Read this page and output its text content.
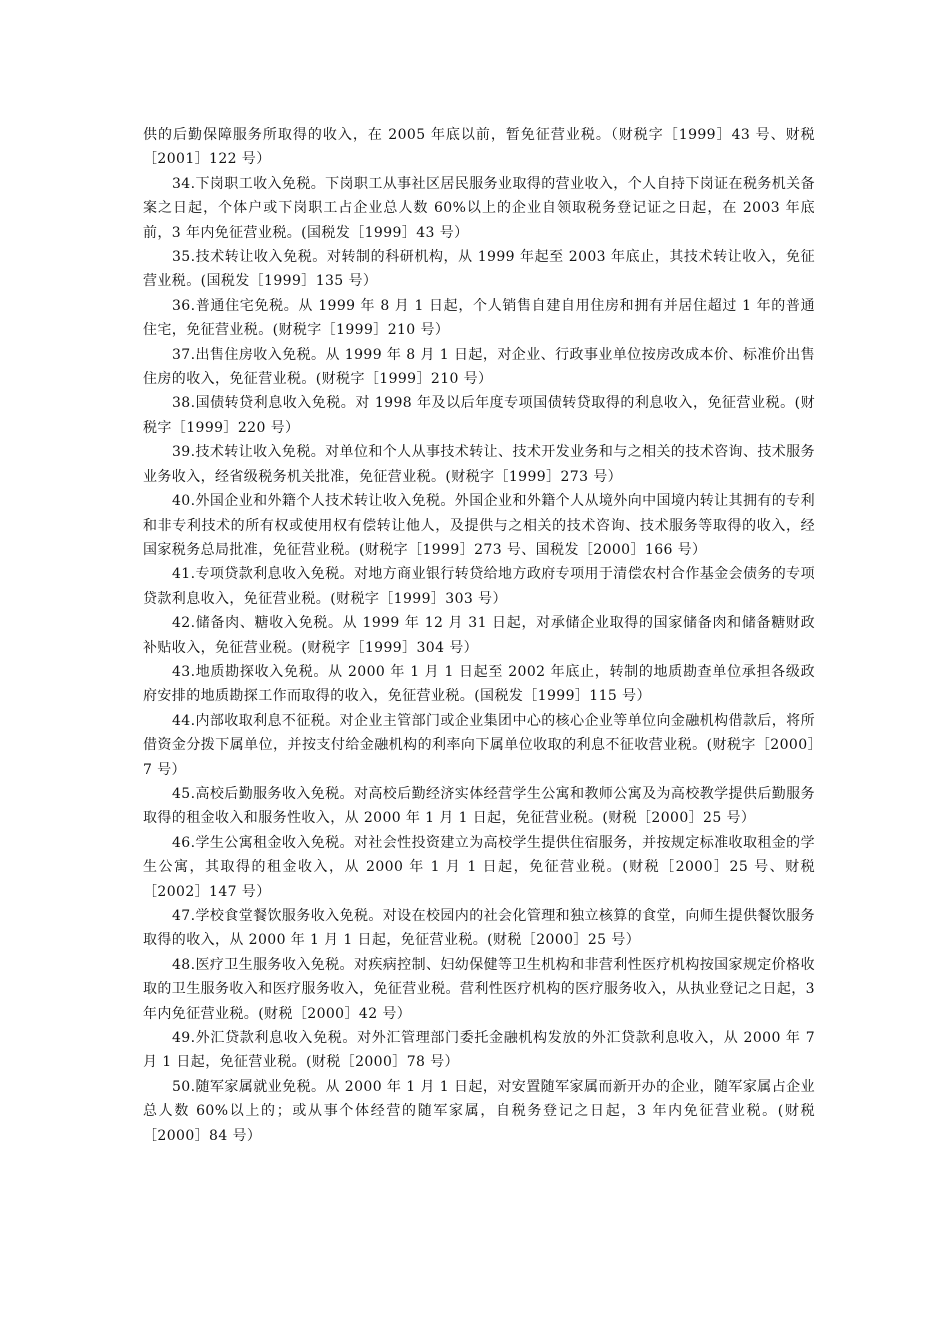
供的后勤保障服务所取得的收入，在 2005 年底以前，暂免征营业税。（财税字［1999］43 号、财税［2001］122 号）

34.下岗职工收入免税。下岗职工从事社区居民服务业取得的营业收入，个人自持下岗证在税务机关备案之日起，个体户或下岗职工占企业总人数 60%以上的企业自领取税务登记证之日起，在 2003 年底前，3 年内免征营业税。(国税发［1999］43 号）

35.技术转让收入免税。对转制的科研机构，从 1999 年起至 2003 年底止，其技术转让收入，免征营业税。(国税发［1999］135 号）

36.普通住宅免税。从 1999 年 8 月 1 日起，个人销售自建自用住房和拥有并居住超过 1 年的普通住宅，免征营业税。(财税字［1999］210 号）

37.出售住房收入免税。从 1999 年 8 月 1 日起，对企业、行政事业单位按房改成本价、标准价出售住房的收入，免征营业税。(财税字［1999］210 号）

38.国债转贷利息收入免税。对 1998 年及以后年度专项国债转贷取得的利息收入，免征营业税。(财税字［1999］220 号）

39.技术转让收入免税。对单位和个人从事技术转让、技术开发业务和与之相关的技术咨询、技术服务业务收入，经省级税务机关批准，免征营业税。(财税字［1999］273 号）

40.外国企业和外籍个人技术转让收入免税。外国企业和外籍个人从境外向中国境内转让其拥有的专利和非专利技术的所有权或使用权有偿转让他人，及提供与之相关的技术咨询、技术服务等取得的收入，经国家税务总局批准，免征营业税。(财税字［1999］273 号、国税发［2000］166 号）

41.专项贷款利息收入免税。对地方商业银行转贷给地方政府专项用于清偿农村合作基金会债务的专项贷款利息收入，免征营业税。(财税字［1999］303 号）

42.储备肉、糖收入免税。从 1999 年 12 月 31 日起，对承储企业取得的国家储备肉和储备糖财政补贴收入，免征营业税。(财税字［1999］304 号）

43.地质勘探收入免税。从 2000 年 1 月 1 日起至 2002 年底止，转制的地质勘查单位承担各级政府安排的地质勘探工作而取得的收入，免征营业税。(国税发［1999］115 号）

44.内部收取利息不征税。对企业主管部门或企业集团中心的核心企业等单位向金融机构借款后，将所借资金分拨下属单位，并按支付给金融机构的利率向下属单位收取的利息不征收营业税。(财税字［2000］7 号）

45.高校后勤服务收入免税。对高校后勤经济实体经营学生公寓和教师公寓及为高校教学提供后勤服务取得的租金收入和服务性收入，从 2000 年 1 月 1 日起，免征营业税。(财税［2000］25 号）

46.学生公寓租金收入免税。对社会性投资建立为高校学生提供住宿服务，并按规定标准收取租金的学生公寓，其取得的租金收入，从 2000 年 1 月 1 日起，免征营业税。(财税［2000］25 号、财税［2002］147 号）

47.学校食堂餐饮服务收入免税。对设在校园内的社会化管理和独立核算的食堂，向师生提供餐饮服务取得的收入，从 2000 年 1 月 1 日起，免征营业税。(财税［2000］25 号）

48.医疗卫生服务收入免税。对疾病控制、妇幼保健等卫生机构和非营利性医疗机构按国家规定价格收取的卫生服务收入和医疗服务收入，免征营业税。营利性医疗机构的医疗服务收入，从执业登记之日起，3 年内免征营业税。(财税［2000］42 号）

49.外汇贷款利息收入免税。对外汇管理部门委托金融机构发放的外汇贷款利息收入，从 2000 年 7 月 1 日起，免征营业税。(财税［2000］78 号）

50.随军家属就业免税。从 2000 年 1 月 1 日起，对安置随军家属而新开办的企业，随军家属占企业总人数 60%以上的；或从事个体经营的随军家属，自税务登记之日起，3 年内免征营业税。(财税［2000］84 号）
